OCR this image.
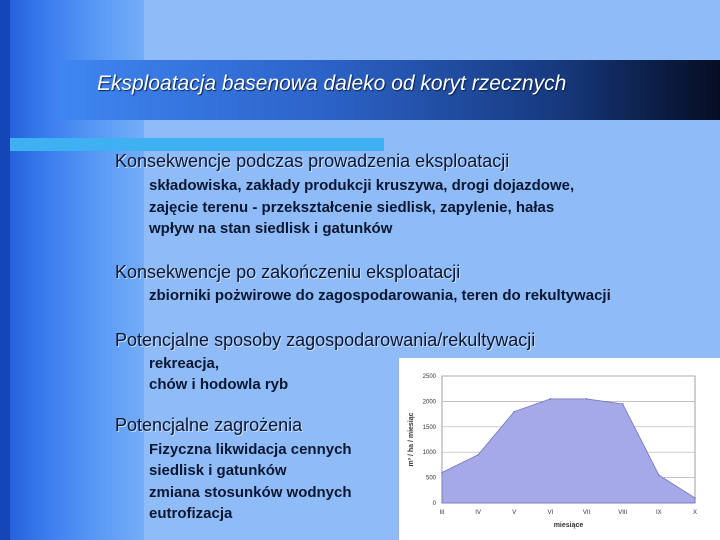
Eksploatacja basenowa daleko od koryt rzecznych
Konsekwencje podczas prowadzenia eksploatacji
składowiska, zakłady produkcji kruszywa, drogi dojazdowe,
zajęcie terenu - przekształcenie siedlisk, zapylenie, hałas
wpływ na stan siedlisk i gatunków
Konsekwencje po zakończeniu eksploatacji
zbiorniki pożwirowe do zagospodarowania, teren do rekultywacji
Potencjalne sposoby zagospodarowania/rekultywacji
rekreacja,
chów i hodowla ryb
Potencjalne zagrożenia
Fizyczna likwidacja cennych
siedlisk i gatunków
zmiana stosunków wodnych
eutrofizacja
0
500
1000
1500
2000
2500
III	IV	V	VI	VII	VIII	IX	X
miesiące
m³ / ha / miesiąc
